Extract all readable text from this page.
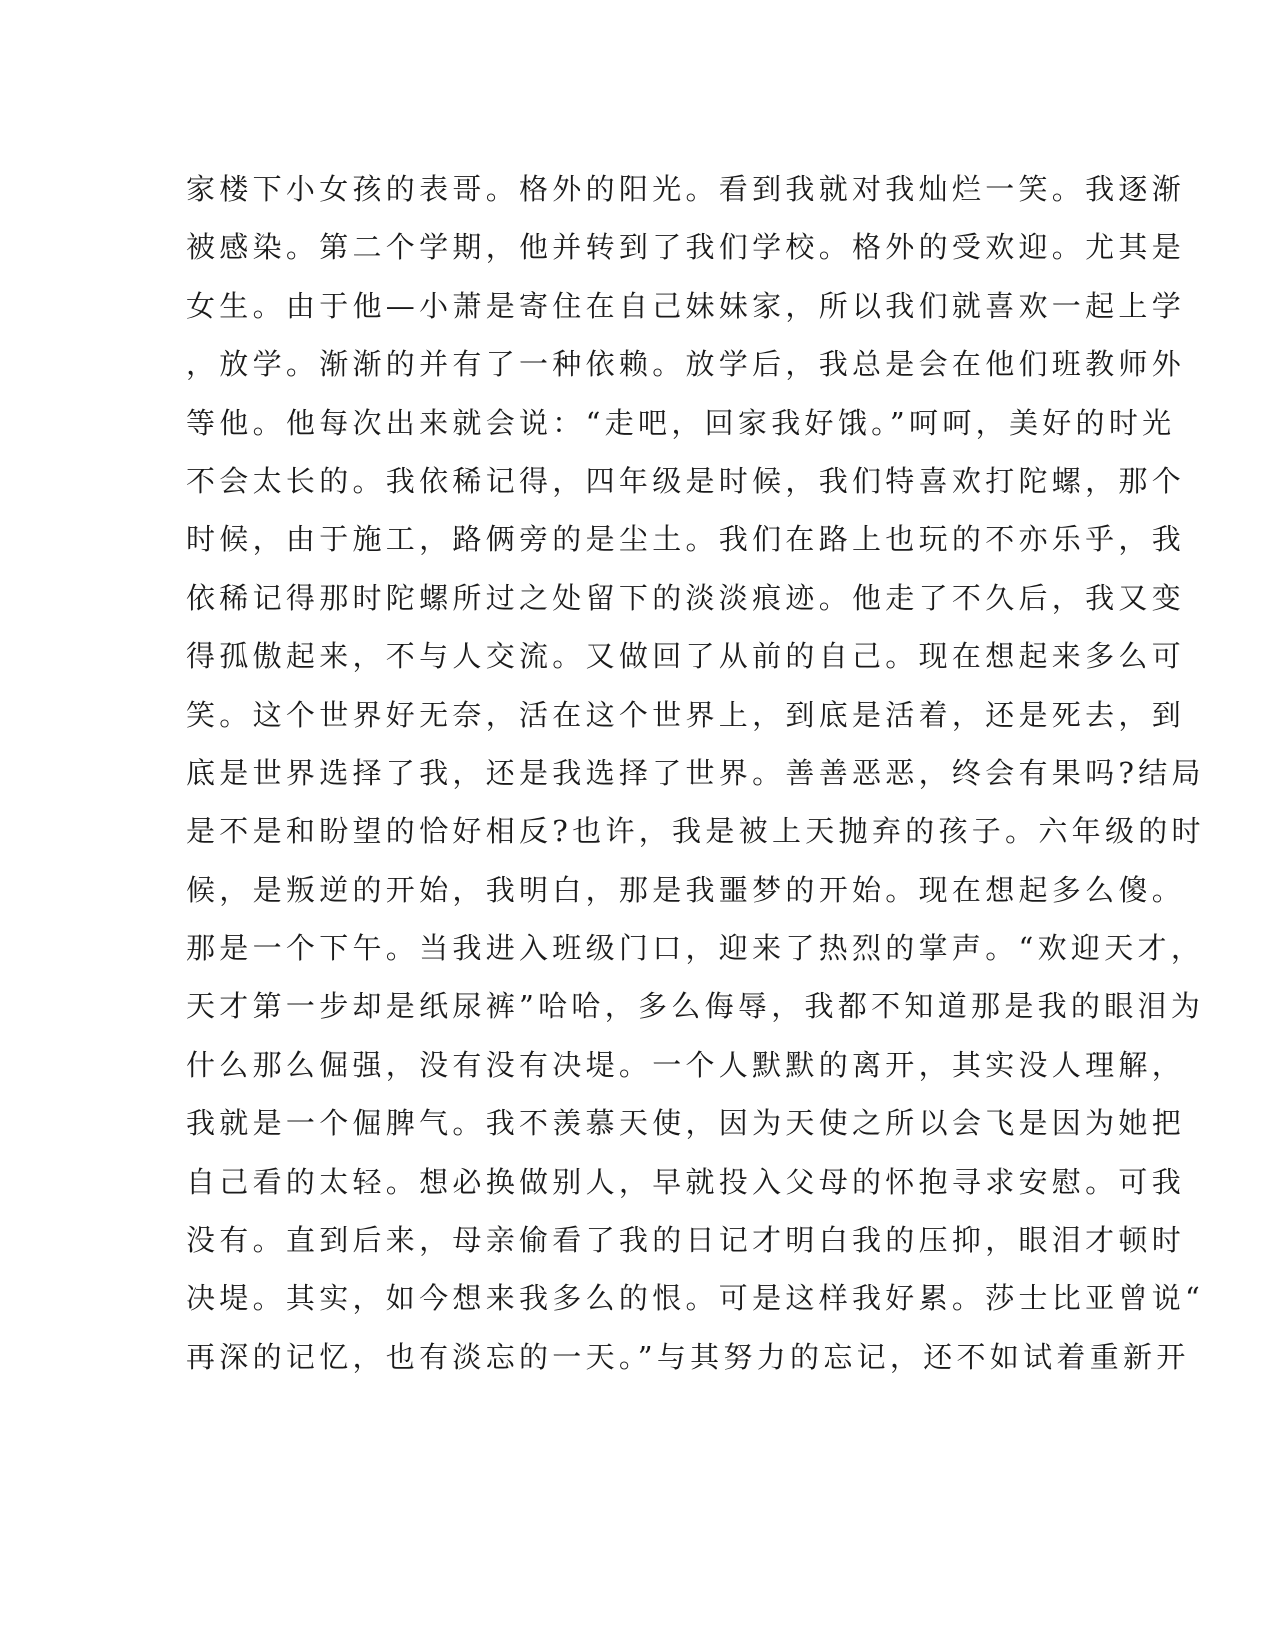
家楼下小女孩的表哥。格外的阳光。看到我就对我灿烂一笑。我逐渐
被感染。第二个学期，他并转到了我们学校。格外的受欢迎。尤其是
女生。由于他—小萧是寄住在自己妹妹家，所以我们就喜欢一起上学
，放学。渐渐的并有了一种依赖。放学后，我总是会在他们班教师外
等他。他每次出来就会说：“走吧，回家我好饿。”呵呵，美好的时光
不会太长的。我依稀记得，四年级是时候，我们特喜欢打陀螺，那个
时候，由于施工，路俩旁的是尘土。我们在路上也玩的不亦乐乎，我
依稀记得那时陀螺所过之处留下的淡淡痕迹。他走了不久后，我又变
得孤傲起来，不与人交流。又做回了从前的自己。现在想起来多么可
笑。这个世界好无奈，活在这个世界上，到底是活着，还是死去，到
底是世界选择了我，还是我选择了世界。善善恶恶，终会有果吗?结局
是不是和盼望的恰好相反?也许，我是被上天抛弃的孩子。六年级的时
候，是叛逆的开始，我明白，那是我噩梦的开始。现在想起多么傻。
那是一个下午。当我进入班级门口，迎来了热烈的掌声。“欢迎天才，
天才第一步却是纸尿裤”哈哈，多么侮辱，我都不知道那是我的眼泪为
什么那么倔强，没有没有决堤。一个人默默的离开，其实没人理解，
我就是一个倔脾气。我不羡慕天使，因为天使之所以会飞是因为她把
自己看的太轻。想必换做别人，早就投入父母的怀抱寻求安慰。可我
没有。直到后来，母亲偷看了我的日记才明白我的压抑，眼泪才顿时
决堤。其实，如今想来我多么的恨。可是这样我好累。莎士比亚曾说“
再深的记忆，也有淡忘的一天。”与其努力的忘记，还不如试着重新开
